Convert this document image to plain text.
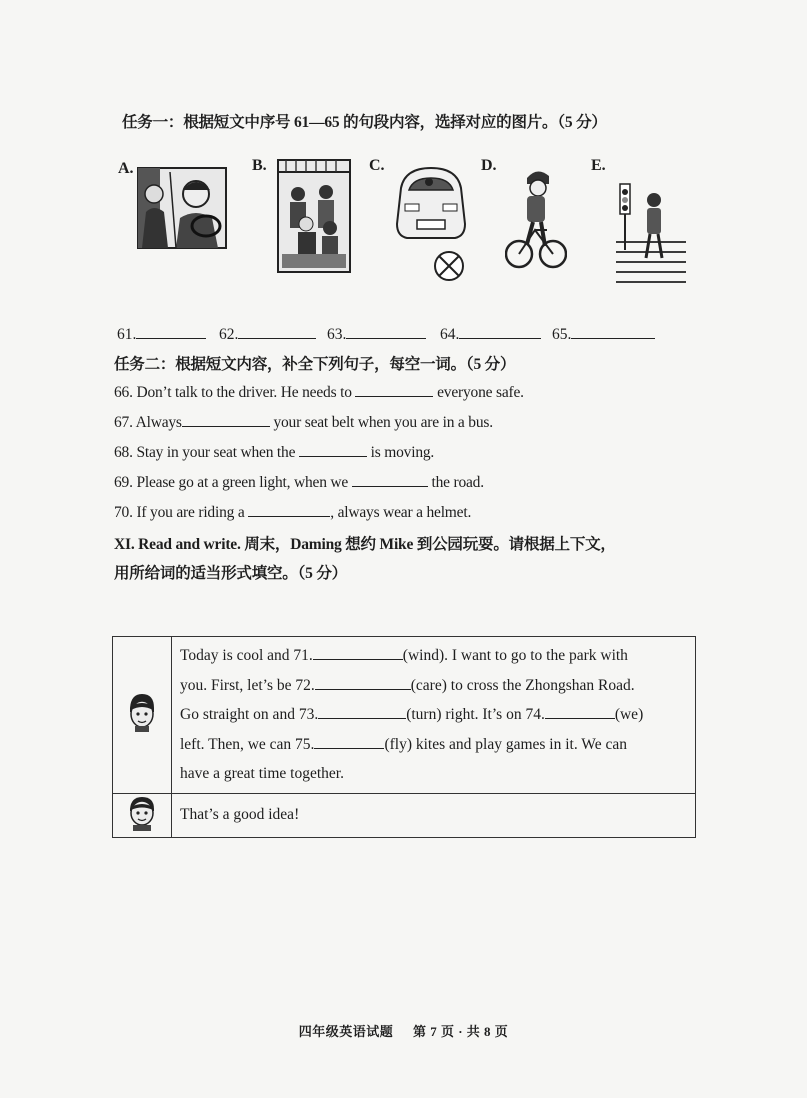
任务一：根据短文中序号 61—65 的句段内容，选择对应的图片。（5 分）
A.	B.	C.	D.	E.
61.	62.	63.	64.	65.
任务二：根据短文内容，补全下列句子，每空一词。（5 分）
66. Don’t talk to the driver. He needs to	everyone safe.
67. Always	your seat belt when you are in a bus.
68. Stay in your seat when the	is moving.
69. Please go at a green light, when we	the road.
70. If you are riding a	, always wear a helmet.
XI. Read and write. 周末，Daming 想约 Mike 到公园玩耍。请根据上下文，
用所给词的适当形式填空。（5 分）

Today is cool and 71. (wind). I want to go to the park with
you. First, let’s be 72. (care) to cross the Zhongshan Road.
Go straight on and 73. (turn) right. It’s on 74. (we)
left. Then, we can 75. (fly) kites and play games in it. We can
have a great time together.

	That’s a good idea!
四年级英语试题 第 7 页 · 共 8 页
